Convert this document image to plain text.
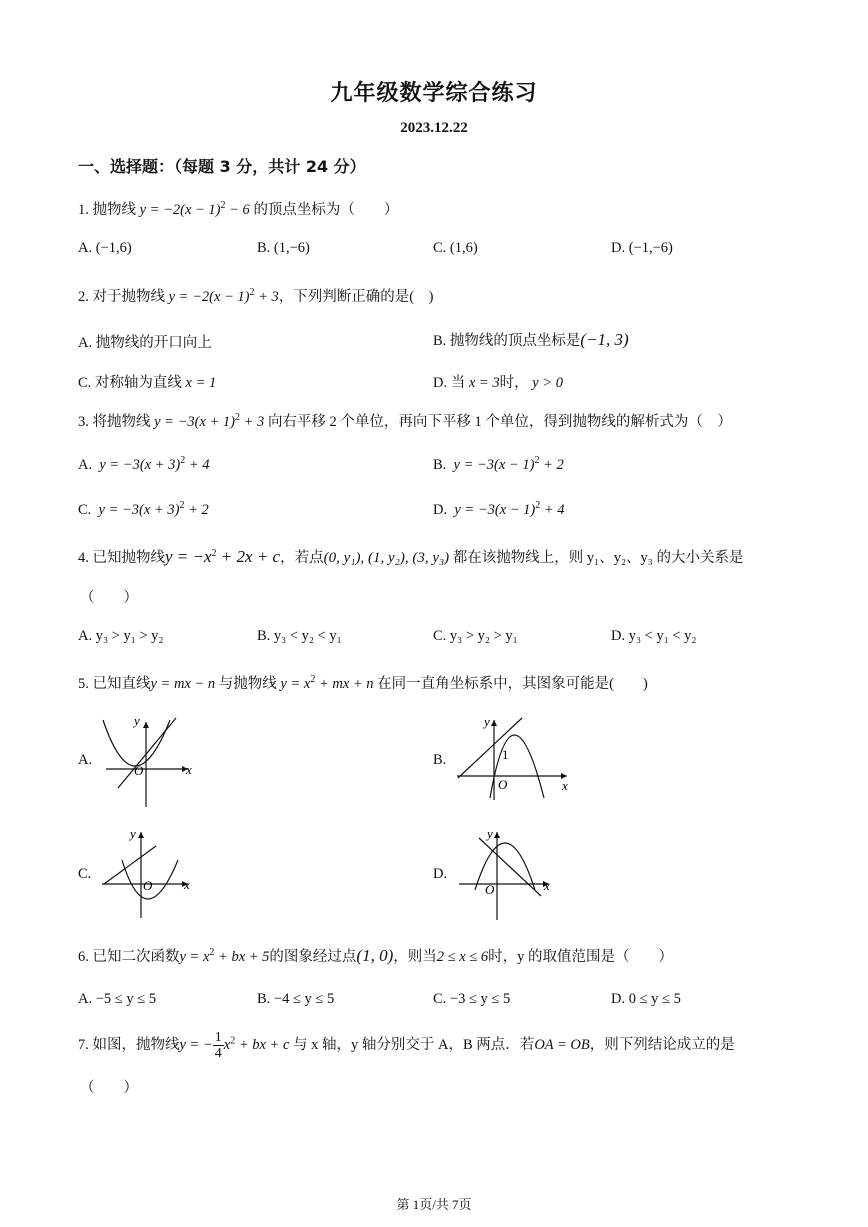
九年级数学综合练习
2023.12.22
一、选择题：（每题 3 分，共计 24 分）
1. 抛物线 $y = -2(x - 1)^2 - 6$ 的顶点坐标为（　　）
A. (−1,6)	B. (1,−6)	C. (1,6)	D. (−1,−6)
2. 对于抛物线 $y = -2(x - 1)^2 + 3$，下列判断正确的是(　)
A. 抛物线的开口向上	B. 抛物线的顶点坐标是(−1, 3)
C. 对称轴为直线 x = 1	D. 当 x = 3时， y > 0
3. 将抛物线 $y = -3(x + 1)^2 + 3$ 向右平移 2 个单位，再向下平移 1 个单位，得到抛物线的解析式为（　）
A. $y = -3(x + 3)^2 + 4$	B. $y = -3(x - 1)^2 + 2$
C. $y = -3(x + 3)^2 + 2$	D. $y = -3(x - 1)^2 + 4$
4. 已知抛物线$y = -x^2 + 2x + c$，若点(0, y₁), (1, y₂), (3, y₃) 都在该抛物线上，则 y₁、y₂、y₃ 的大小关系是
（　　）
A. y₃ > y₁ > y₂	B. y₃ < y₂ < y₁	C. y₃ > y₂ > y₁	D. y₃ < y₁ < y₂
5. 已知直线y = mx − n 与抛物线 $y = x^2$ + mx + n 在同一直角坐标系中，其图象可能是(　　)
A.
x
y
O
B.
x
y
O
1
C.
x
y
O
D.
x
y
O
6. 已知二次函数$y = x^2$ + bx + 5的图象经过点(1, 0)，则当2 ≤ x ≤ 6时，y 的取值范围是（　　）
A. −5 ≤ y ≤ 5	B. −4 ≤ y ≤ 5	C. −3 ≤ y ≤ 5	D. 0 ≤ y ≤ 5
7. 如图，抛物线y = − $\frac{1}{4} x^2$ + bx + c 与 x 轴，y 轴分别交于 A，B 两点．若OA = OB，则下列结论成立的是
（　　）
第 1页/共 7页
